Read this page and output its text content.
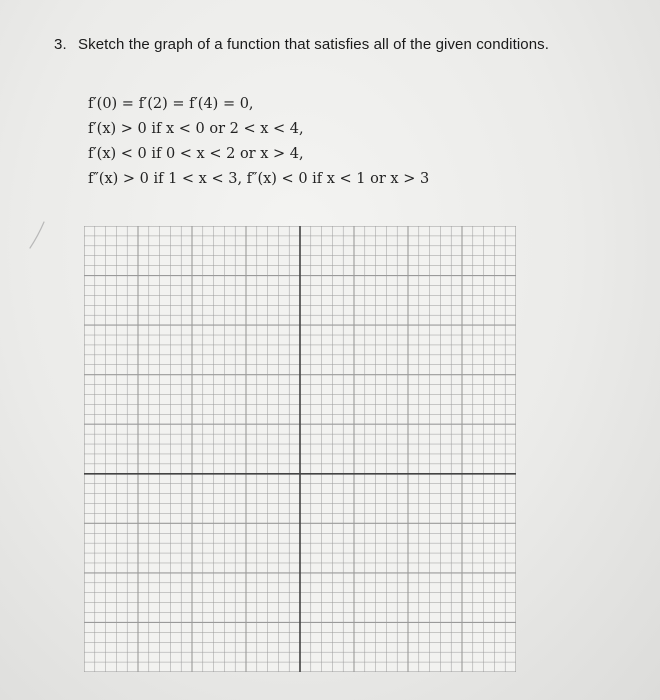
3. Sketch the graph of a function that satisfies all of the given conditions.
f′(0) = f′(2) = f′(4) = 0,
f′(x) > 0 if x < 0 or 2 < x < 4,
f′(x) < 0 if 0 < x < 2 or x > 4,
f″(x) > 0 if 1 < x < 3, f″(x) < 0 if x < 1 or x > 3
